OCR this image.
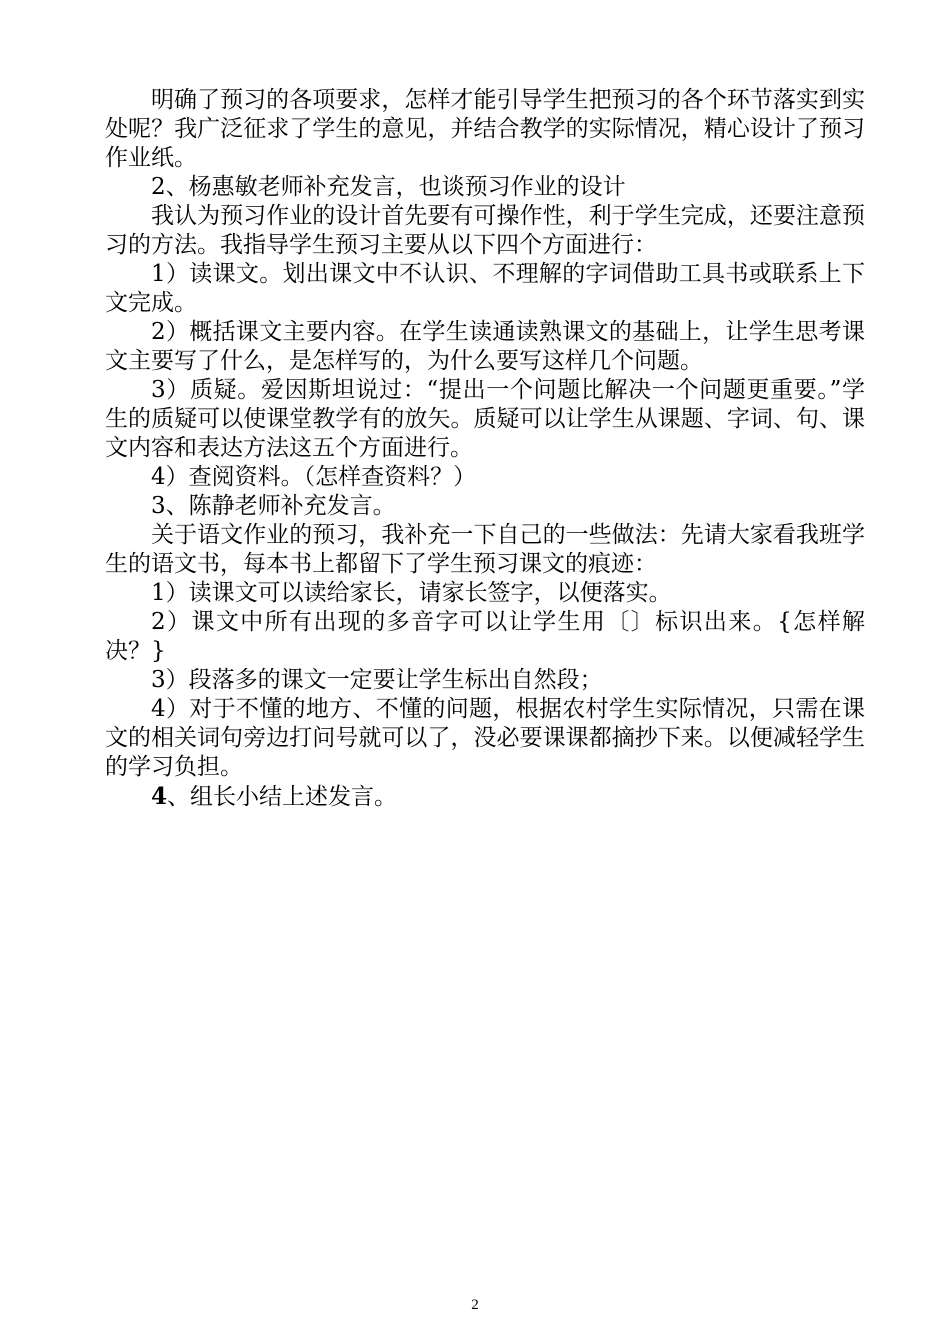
明确了预习的各项要求，怎样才能引导学生把预习的各个环节落实到实处呢？我广泛征求了学生的意见，并结合教学的实际情况，精心设计了预习作业纸。

2、杨惠敏老师补充发言，也谈预习作业的设计

我认为预习作业的设计首先要有可操作性，利于学生完成，还要注意预习的方法。我指导学生预习主要从以下四个方面进行：

1）读课文。划出课文中不认识、不理解的字词借助工具书或联系上下文完成。

2）概括课文主要内容。在学生读通读熟课文的基础上，让学生思考课文主要写了什么，是怎样写的，为什么要写这样几个问题。

3）质疑。爱因斯坦说过：“提出一个问题比解决一个问题更重要。”学生的质疑可以使课堂教学有的放矢。质疑可以让学生从课题、字词、句、课文内容和表达方法这五个方面进行。

4）查阅资料。（怎样查资料？）

3、陈静老师补充发言。

关于语文作业的预习，我补充一下自己的一些做法：先请大家看我班学生的语文书，每本书上都留下了学生预习课文的痕迹：

1）读课文可以读给家长，请家长签字，以便落实。

2）课文中所有出现的多音字可以让学生用〔〕标识出来。{怎样解决？}

3）段落多的课文一定要让学生标出自然段；

4）对于不懂的地方、不懂的问题，根据农村学生实际情况，只需在课文的相关词句旁边打问号就可以了，没必要课课都摘抄下来。以便减轻学生的学习负担。

4、组长小结上述发言。

2
